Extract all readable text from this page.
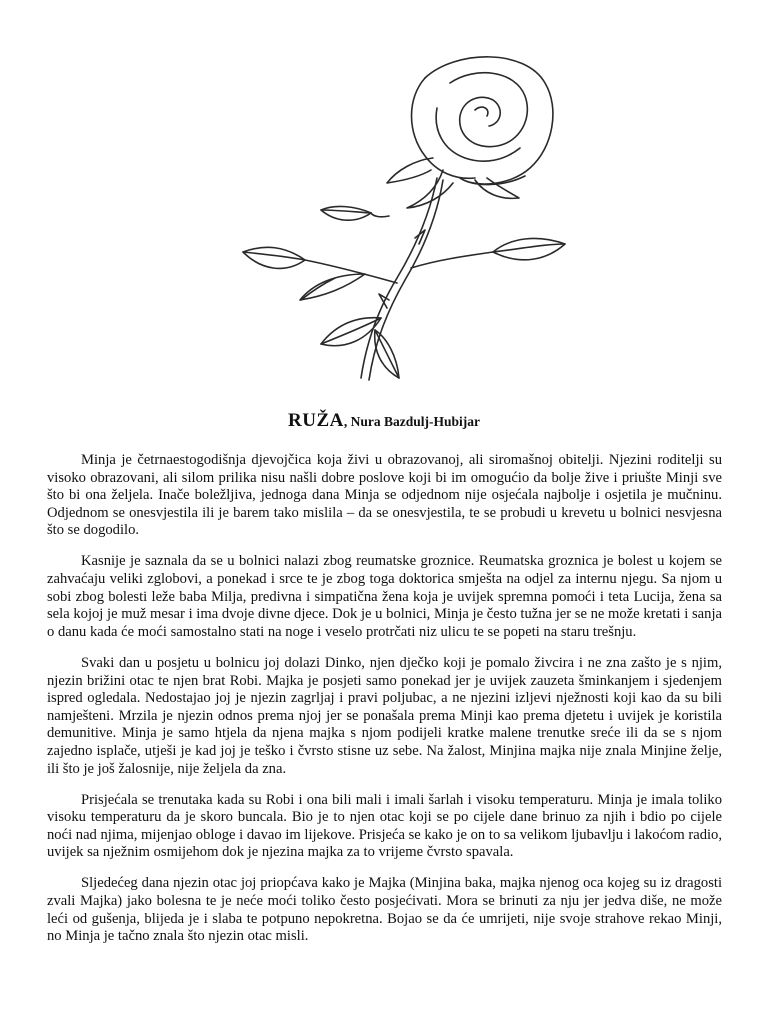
RUŽA, Nura Bazdulj-Hubijar

Minja je četrnaestogodišnja djevojčica koja živi u obrazovanoj, ali siromašnoj obitelji. Njezini roditelji su visoko obrazovani, ali silom prilika nisu našli dobre poslove koji bi im omogućio da bolje žive i priušte Minji sve što bi ona željela. Inače boležljiva, jednoga dana Minja se odjednom nije osjećala najbolje i osjetila je mučninu. Odjednom se onesvjestila ili je barem tako mislila – da se onesvjestila, te se probudi u krevetu u bolnici nesvjesna što se dogodilo.

Kasnije je saznala da se u bolnici nalazi zbog reumatske groznice. Reumatska groznica je bolest u kojem se zahvaćaju veliki zglobovi, a ponekad i srce te je zbog toga doktorica smješta na odjel za internu njegu. Sa njom u sobi zbog bolesti leže baba Milja, predivna i simpatična žena koja je uvijek spremna pomoći i teta Lucija, žena sa sela kojoj je muž mesar i ima dvoje divne djece. Dok je u bolnici, Minja je često tužna jer se ne može kretati i sanja o danu kada će moći samostalno stati na noge i veselo protrčati niz ulicu te se popeti na staru trešnju.

Svaki dan u posjetu u bolnicu joj dolazi Dinko, njen dječko koji je pomalo živcira i ne zna zašto je s njim, njezin brižini otac te njen brat Robi. Majka je posjeti samo ponekad jer je uvijek zauzeta šminkanjem i sjedenjem ispred ogledala. Nedostajao joj je njezin zagrljaj i pravi poljubac, a ne njezini izljevi nježnosti koji kao da su bili namješteni. Mrzila je njezin odnos prema njoj jer se ponašala prema Minji kao prema djetetu i uvijek je koristila demunitive. Minja je samo htjela da njena majka s njom podijeli kratke malene trenutke sreće ili da se s njom zajedno isplače, utješi je kad joj je teško i čvrsto stisne uz sebe. Na žalost, Minjina majka nije znala Minjine želje, ili što je još žalosnije, nije željela da zna.

Prisjećala se trenutaka kada su Robi i ona bili mali i imali šarlah i visoku temperaturu. Minja je imala toliko visoku temperaturu da je skoro buncala. Bio je to njen otac koji se po cijele dane brinuo za njih i bdio po cijele noći nad njima, mijenjao obloge i davao im lijekove. Prisjeća se kako je on to sa velikom ljubavlju i lakoćom radio, uvijek sa nježnim osmijehom dok je njezina majka za to vrijeme čvrsto spavala.

Sljedećeg dana njezin otac joj priopćava kako je Majka (Minjina baka, majka njenog oca kojeg su iz dragosti zvali Majka) jako bolesna te je neće moći toliko često posjećivati. Mora se brinuti za nju jer jedva diše, ne može leći od gušenja, blijeda je i slaba te potpuno nepokretna. Bojao se da će umrijeti, nije svoje strahove rekao Minji, no Minja je tačno znala što njezin otac misli.
